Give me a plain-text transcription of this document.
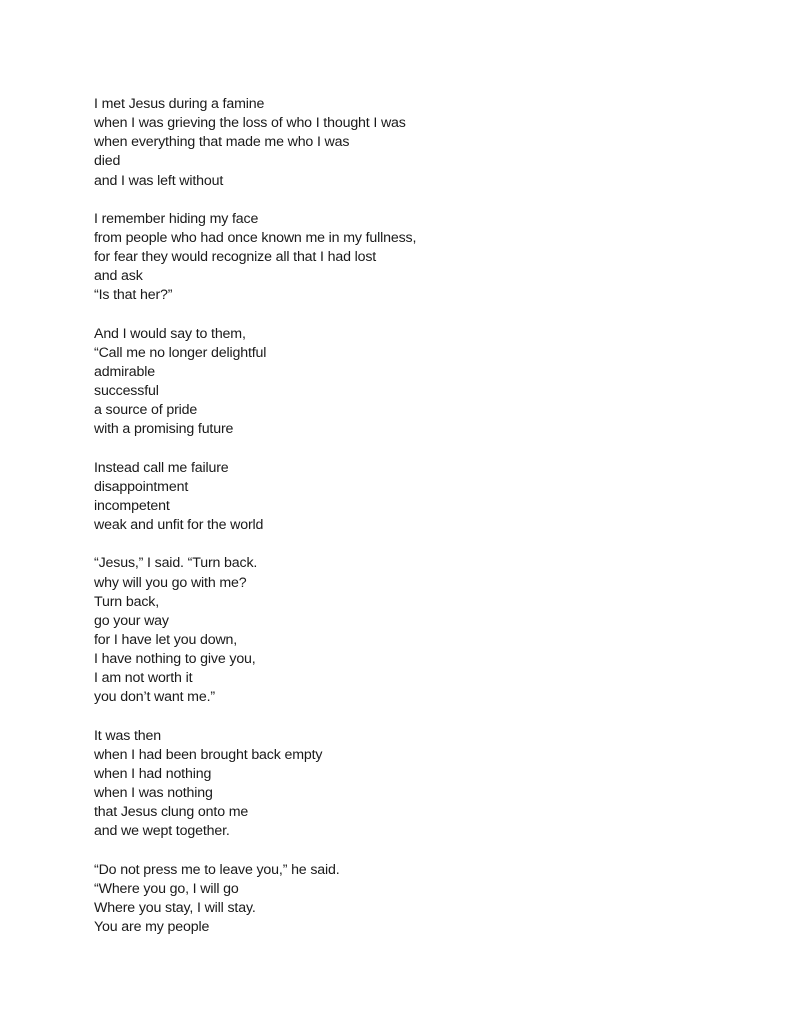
I met Jesus during a famine
when I was grieving the loss of who I thought I was
when everything that made me who I was
died
and I was left without
I remember hiding my face
from people who had once known me in my fullness,
for fear they would recognize all that I had lost
and ask
“Is that her?”
And I would say to them,
“Call me no longer delightful
admirable
successful
a source of pride
with a promising future
Instead call me failure
disappointment
incompetent
weak and unfit for the world
“Jesus,” I said. “Turn back.
why will you go with me?
Turn back,
go your way
for I have let you down,
I have nothing to give you,
I am not worth it
you don’t want me.”
It was then
when I had been brought back empty
when I had nothing
when I was nothing
that Jesus clung onto me
and we wept together.
“Do not press me to leave you,” he said.
“Where you go, I will go
Where you stay, I will stay.
You are my people
